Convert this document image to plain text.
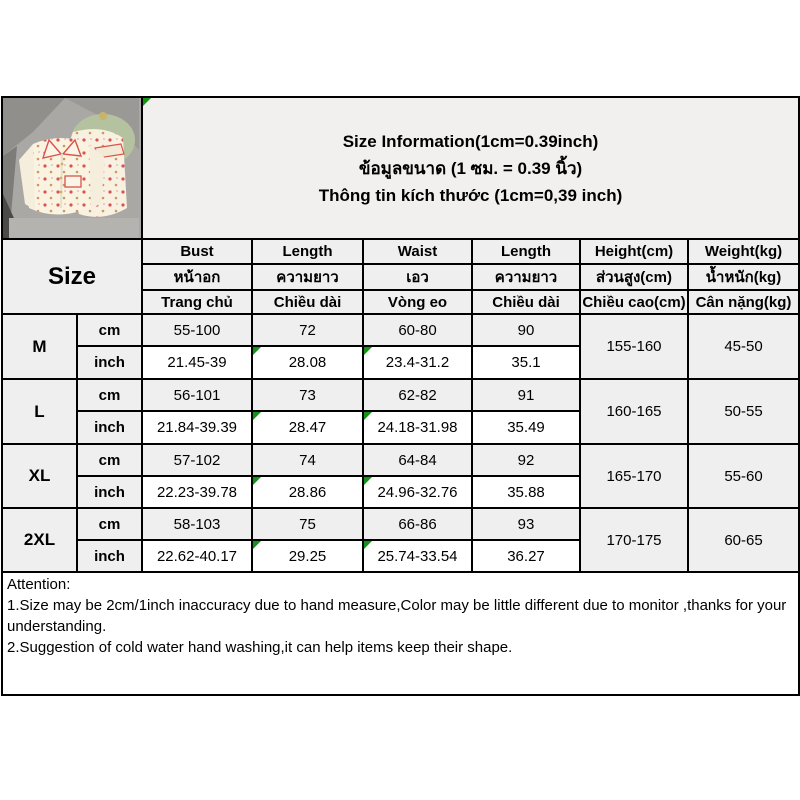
Size Information(1cm=0.39inch)
ข้อมูลขนาด (1 ซม. = 0.39 นิ้ว)
Thông tin kích thước (1cm=0,39 inch)					

Size		Bust	Length	Waist	Length	Height(cm)	Weight(kg)
		หน้าอก	ความยาว	เอว	ความยาว	ส่วนสูง(cm)	น้ำหนัก(kg)
		Trang chủ	Chiều dài	Vòng eo	Chiều dài	Chiều cao(cm)	Cân nặng(kg)
M	cm	55-100	72	60-80	90	155-160	45-50
	inch	21.45-39	28.08	23.4-31.2	35.1		
L	cm	56-101	73	62-82	91	160-165	50-55
	inch	21.84-39.39	28.47	24.18-31.98	35.49		
XL	cm	57-102	74	64-84	92	165-170	55-60
	inch	22.23-39.78	28.86	24.96-32.76	35.88		
2XL	cm	58-103	75	66-86	93	170-175	60-65
	inch	22.62-40.17	29.25	25.74-33.54	36.27		

Attention:
1.Size may be 2cm/1inch inaccuracy due to hand measure,Color may be little different due to monitor ,thanks for your understanding.
2.Suggestion of cold water hand washing,it can help items keep their shape.							
